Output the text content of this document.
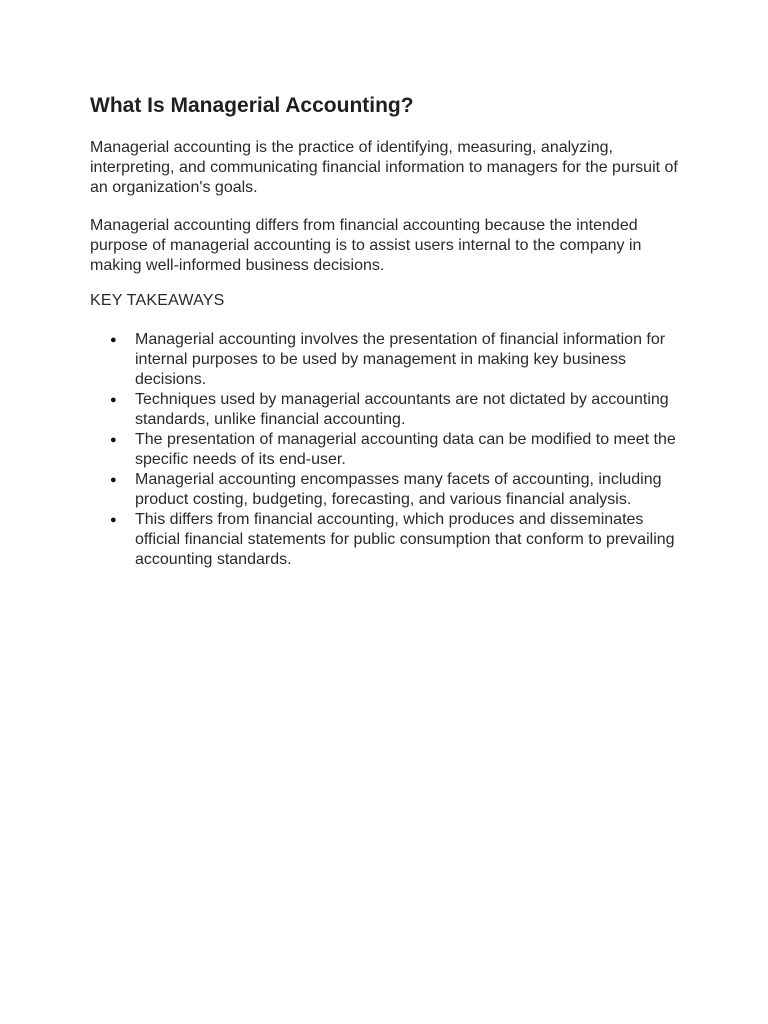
What Is Managerial Accounting?

Managerial accounting is the practice of identifying, measuring, analyzing, interpreting, and communicating financial information to managers for the pursuit of an organization's goals.

Managerial accounting differs from financial accounting because the intended purpose of managerial accounting is to assist users internal to the company in making well-informed business decisions.

KEY TAKEAWAYS
● Managerial accounting involves the presentation of financial information for internal purposes to be used by management in making key business decisions.
● Techniques used by managerial accountants are not dictated by accounting standards, unlike financial accounting.
● The presentation of managerial accounting data can be modified to meet the specific needs of its end-user.
● Managerial accounting encompasses many facets of accounting, including product costing, budgeting, forecasting, and various financial analysis.
● This differs from financial accounting, which produces and disseminates official financial statements for public consumption that conform to prevailing accounting standards.
